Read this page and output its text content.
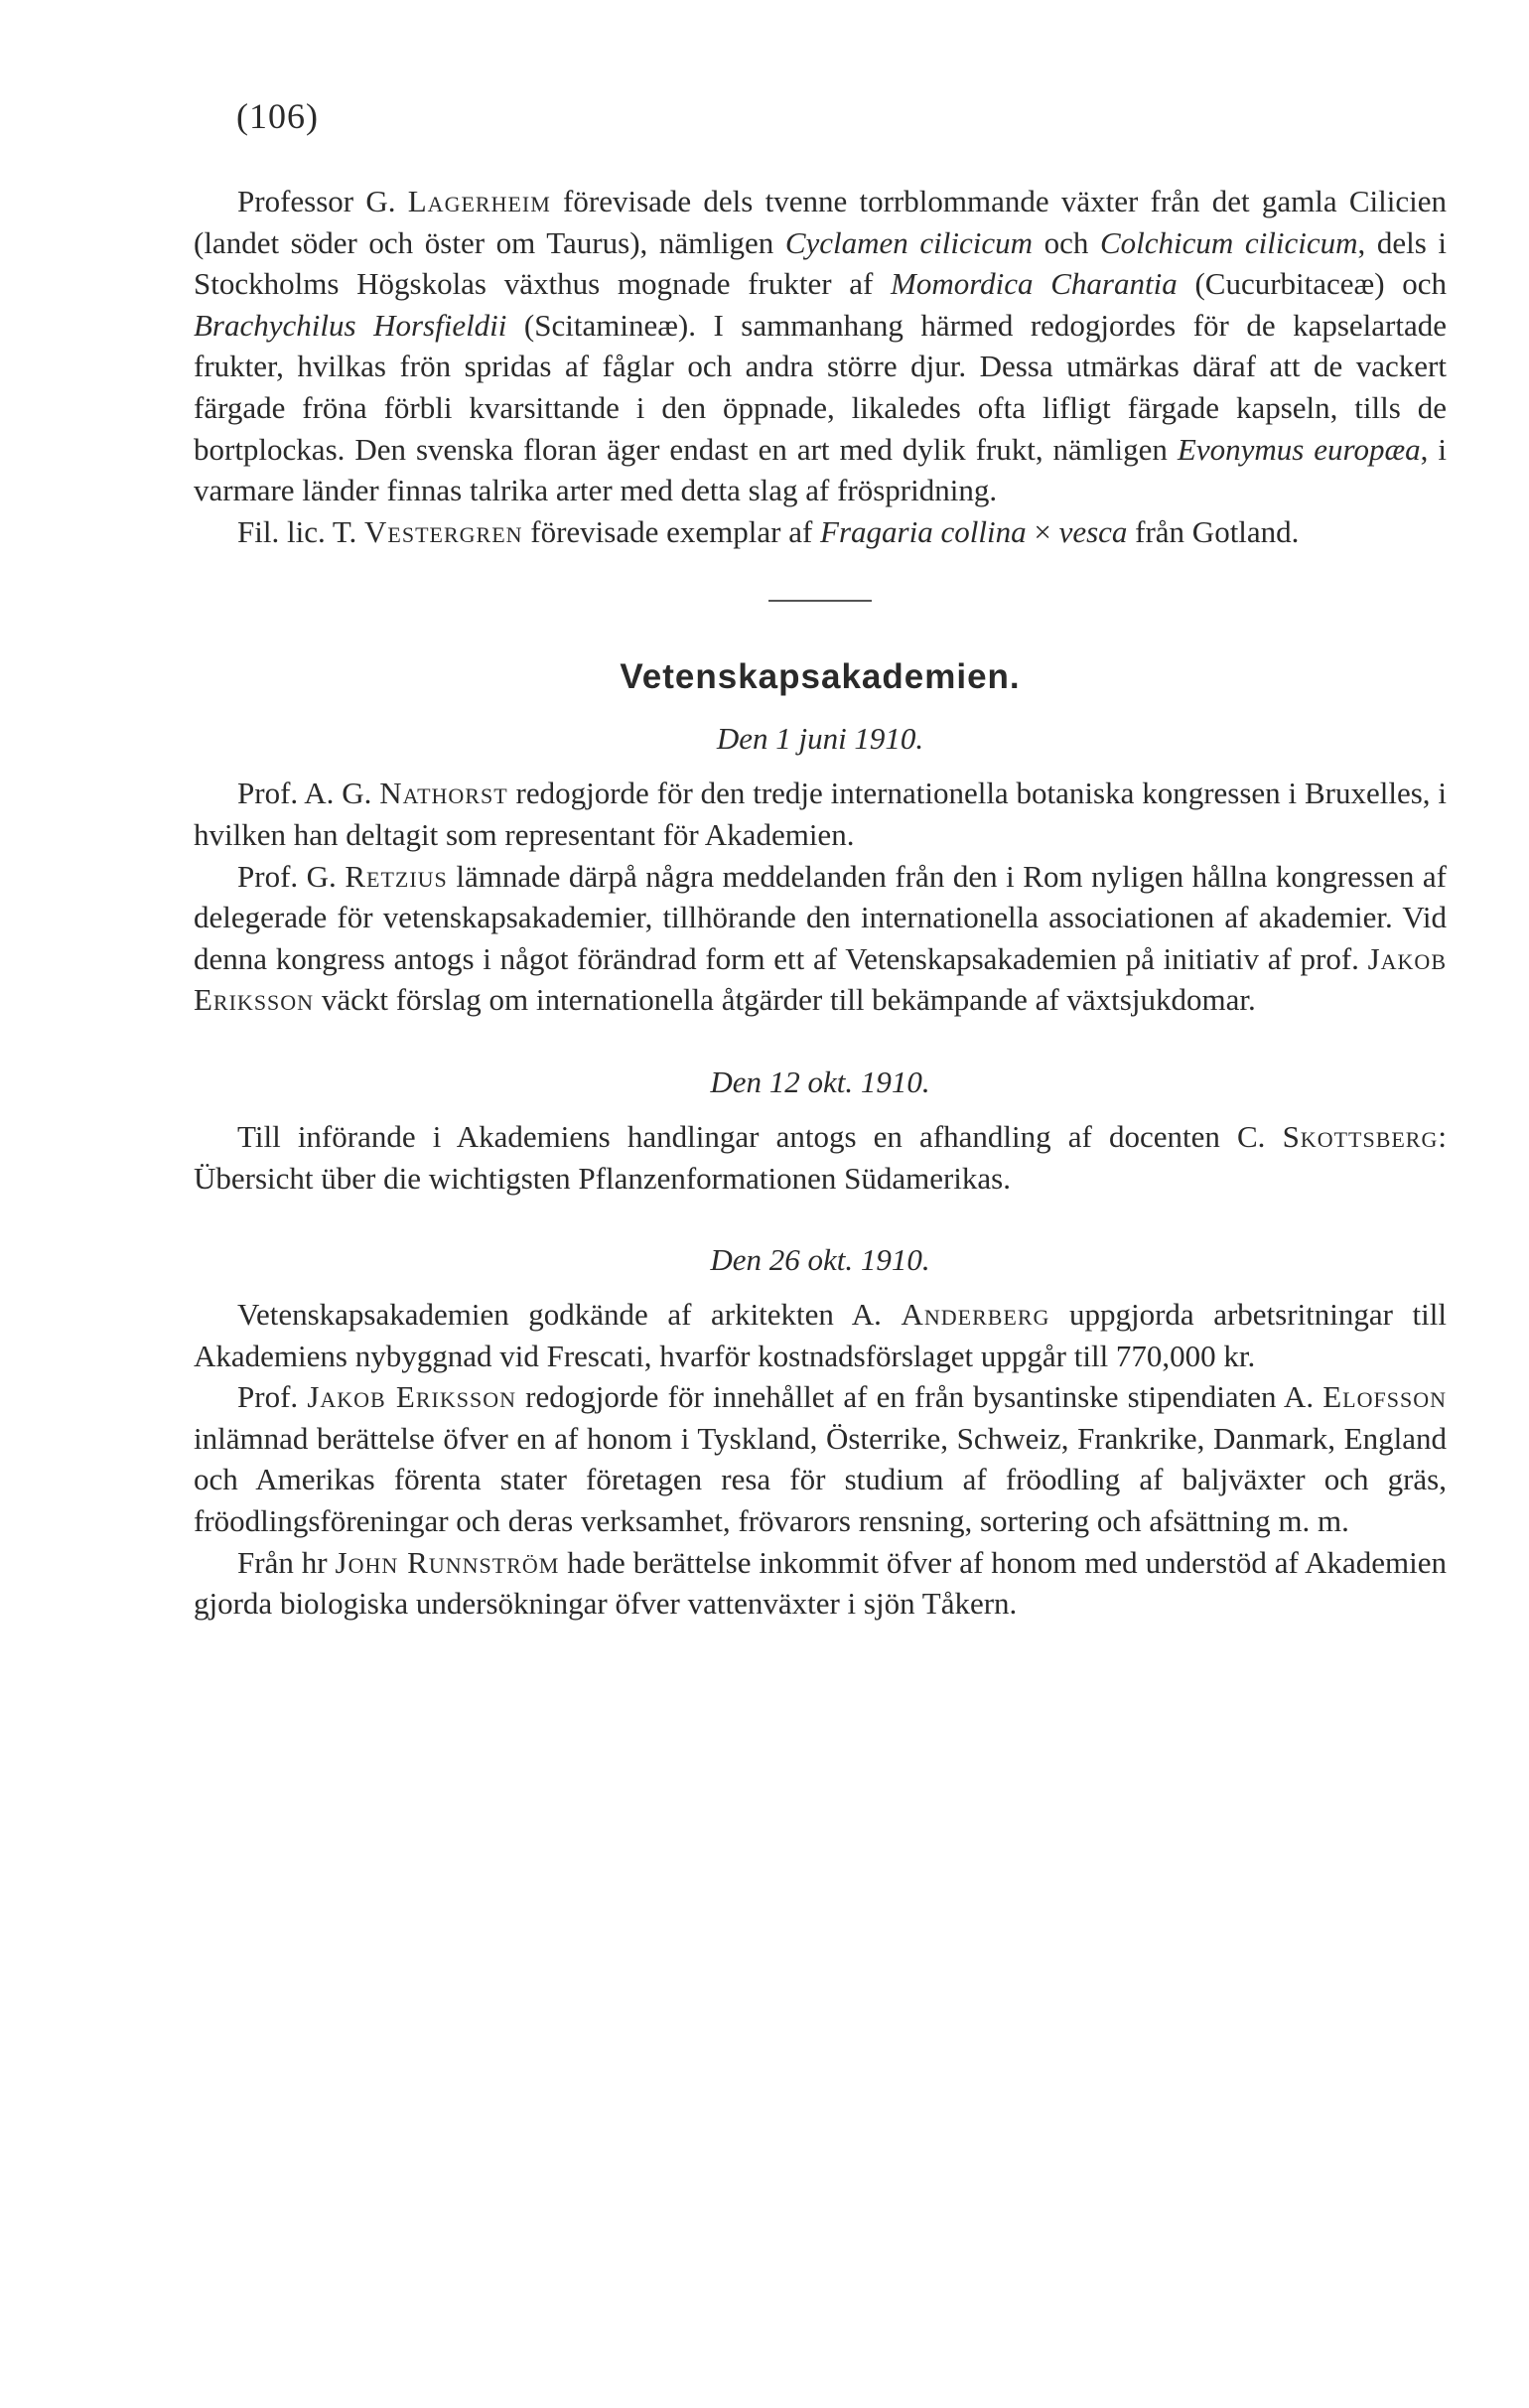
(106)

Professor G. Lagerheim förevisade dels tvenne torrblommande växter från det gamla Cilicien (landet söder och öster om Taurus), nämligen Cyclamen cilicicum och Colchicum cilicicum, dels i Stockholms Högskolas växthus mognade frukter af Momordica Charantia (Cucurbitaceæ) och Brachychilus Horsfieldii (Scitamineæ). I sammanhang härmed redogjordes för de kapselartade frukter, hvilkas frön spridas af fåglar och andra större djur. Dessa utmärkas däraf att de vackert färgade fröna förbli kvarsittande i den öppnade, likaledes ofta lifligt färgade kapseln, tills de bortplockas. Den svenska floran äger endast en art med dylik frukt, nämligen Evonymus europæa, i varmare länder finnas talrika arter med detta slag af fröspridning.

Fil. lic. T. Vestergren förevisade exemplar af Fragaria collina × vesca från Gotland.

Vetenskapsakademien.
Den 1 juni 1910.

Prof. A. G. Nathorst redogjorde för den tredje internationella botaniska kongressen i Bruxelles, i hvilken han deltagit som representant för Akademien.

Prof. G. Retzius lämnade därpå några meddelanden från den i Rom nyligen hållna kongressen af delegerade för vetenskapsakademier, tillhörande den internationella associationen af akademier. Vid denna kongress antogs i något förändrad form ett af Vetenskapsakademien på initiativ af prof. Jakob Eriksson väckt förslag om internationella åtgärder till bekämpande af växtsjukdomar.

Den 12 okt. 1910.

Till införande i Akademiens handlingar antogs en afhandling af docenten C. Skottsberg: Übersicht über die wichtigsten Pflanzenformationen Südamerikas.

Den 26 okt. 1910.

Vetenskapsakademien godkände af arkitekten A. Anderberg uppgjorda arbetsritningar till Akademiens nybyggnad vid Frescati, hvarför kostnadsförslaget uppgår till 770,000 kr.

Prof. Jakob Eriksson redogjorde för innehållet af en från bysantinske stipendiaten A. Elofsson inlämnad berättelse öfver en af honom i Tyskland, Österrike, Schweiz, Frankrike, Danmark, England och Amerikas förenta stater företagen resa för studium af fröodling af baljväxter och gräs, fröodlingsföreningar och deras verksamhet, frövarors rensning, sortering och afsättning m. m.

Från hr John Runnström hade berättelse inkommit öfver af honom med understöd af Akademien gjorda biologiska undersökningar öfver vattenväxter i sjön Tåkern.
